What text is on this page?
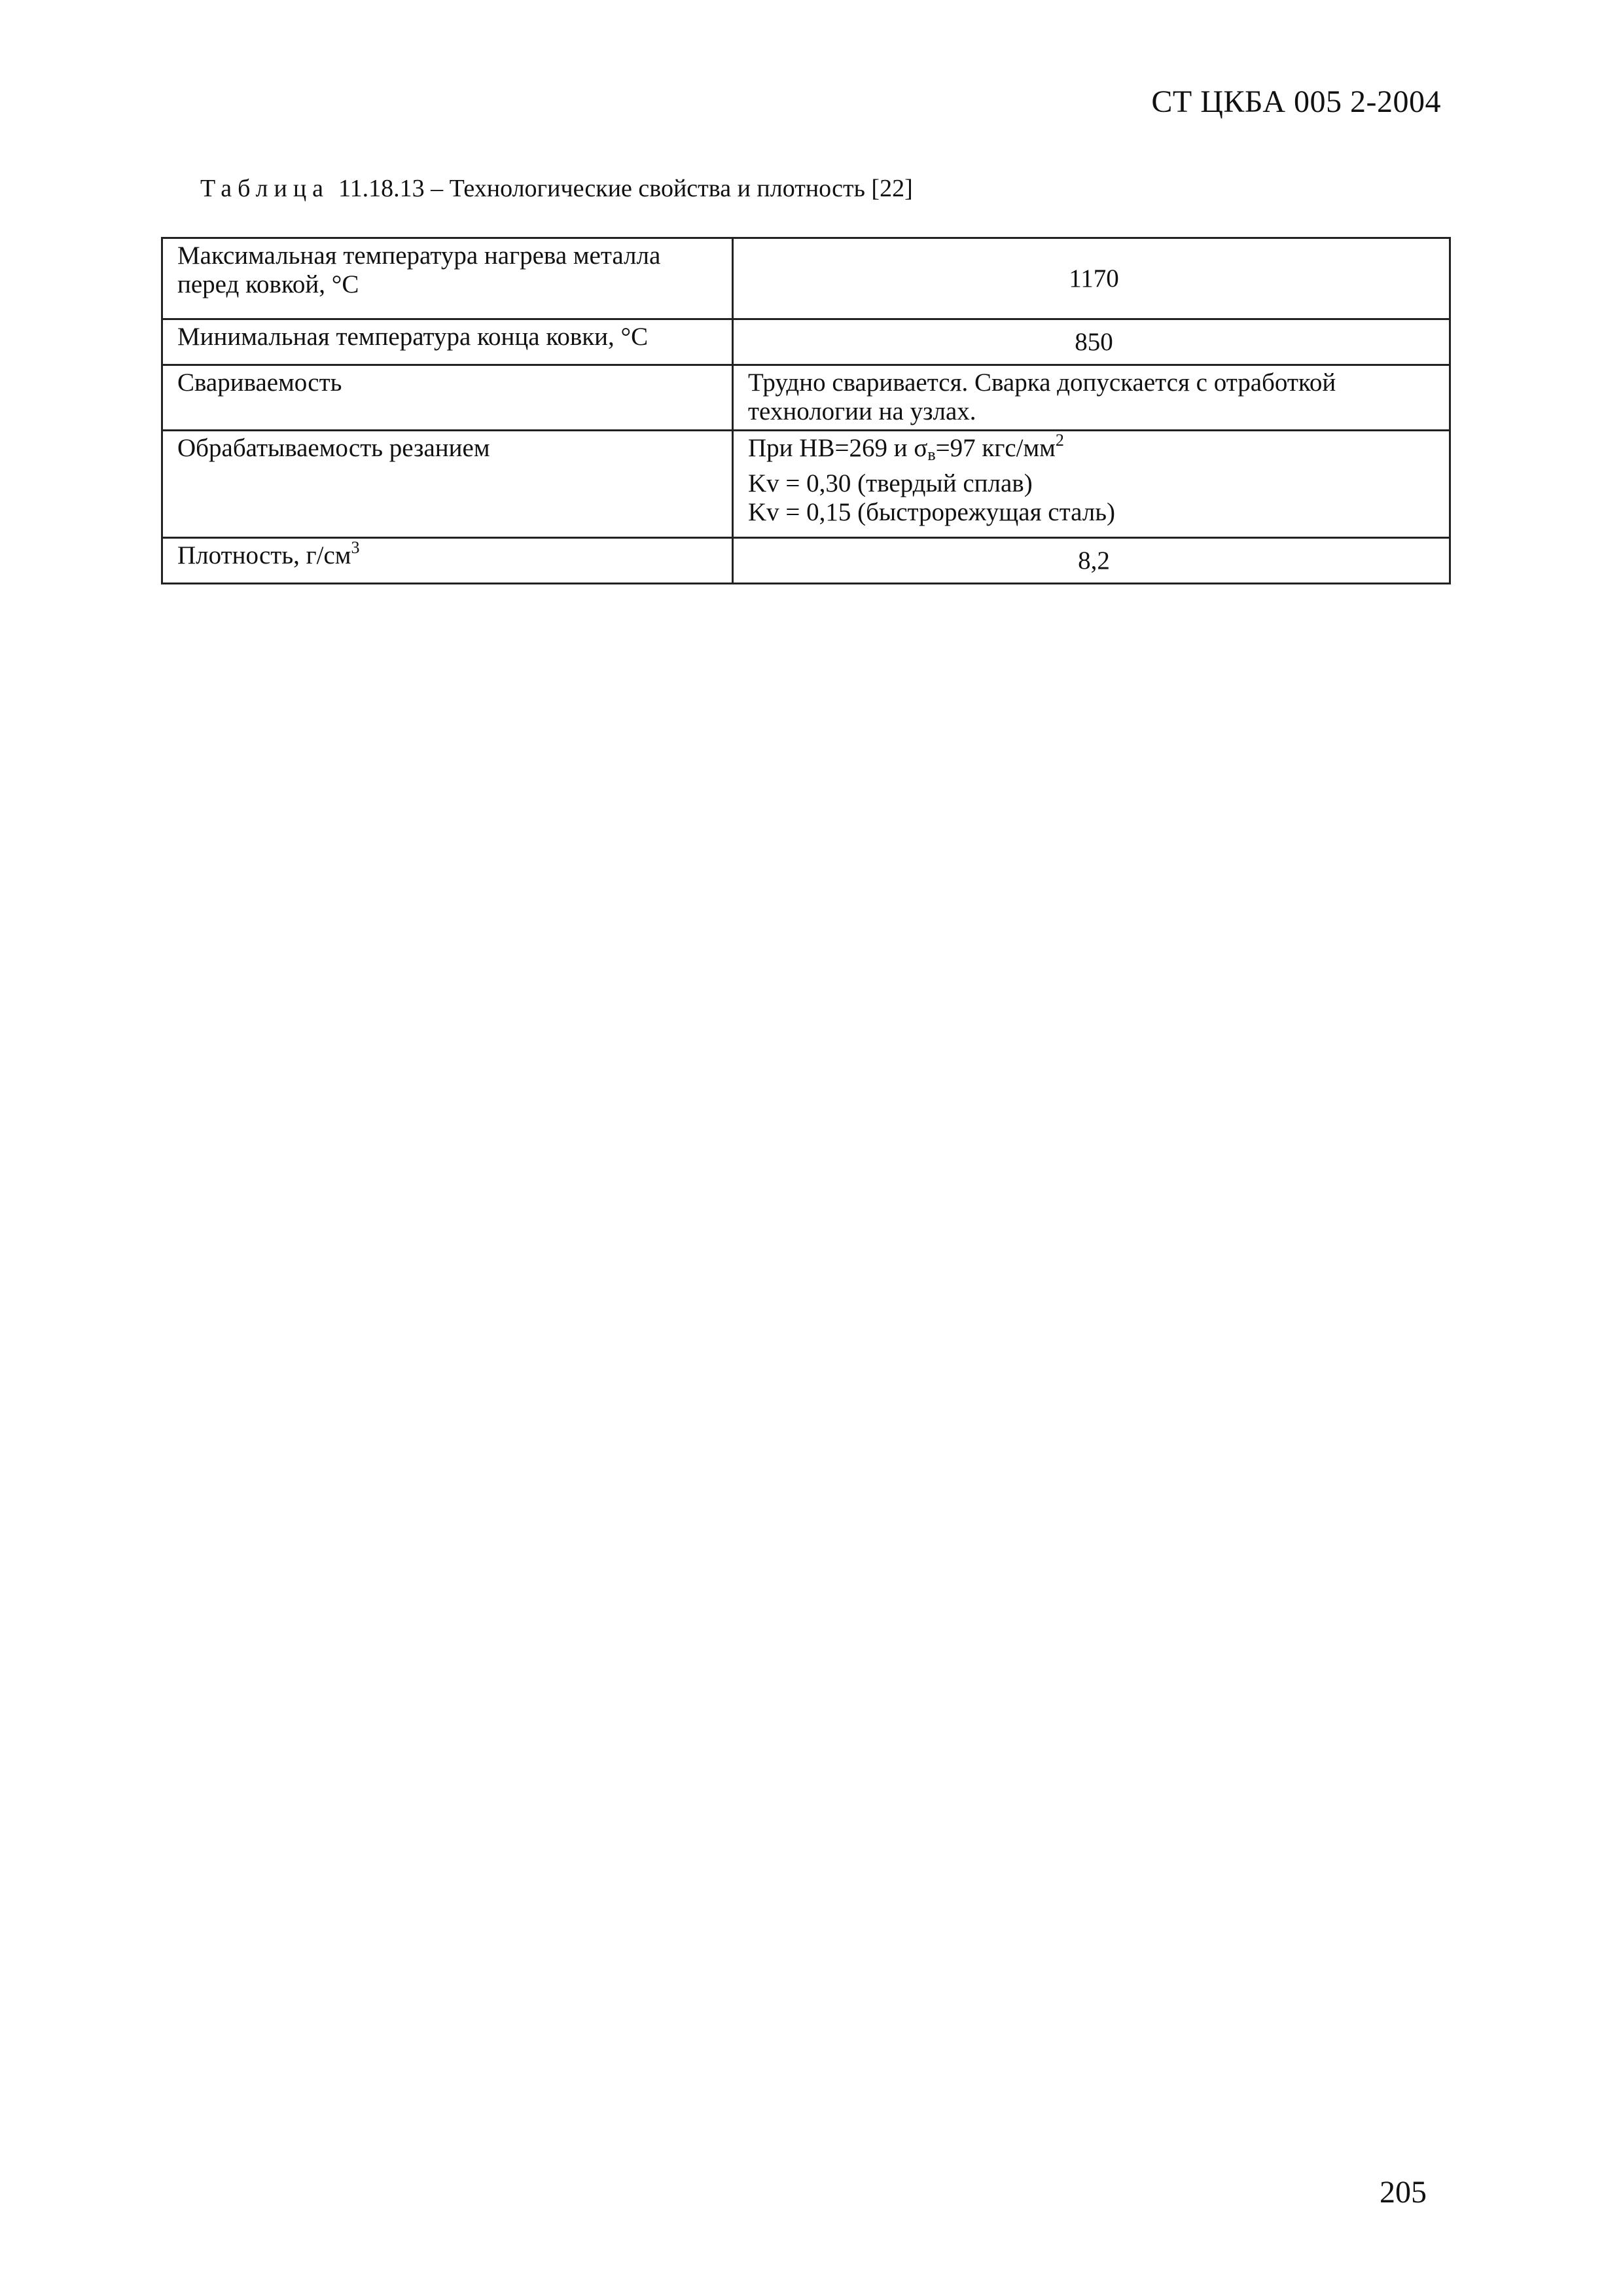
СТ ЦКБА 005 2-2004
Таблица 11.18.13 – Технологические свойства и плотность [22]
Максимальная температура нагрева металла
перед ковкой, °С	1170
Минимальная температура конца ковки, °С	850
Свариваемость	Трудно сваривается. Сварка допускается с отработкой
технологии на узлах.

Обрабатываемость резанием	При НВ=269 и $\sigma_в=97$ кгс/$мм^2$
Kv = 0,30 (твердый сплав)
Kv = 0,15 (быстрорежущая сталь)

Плотность, $г/см^3$	8,2
205
